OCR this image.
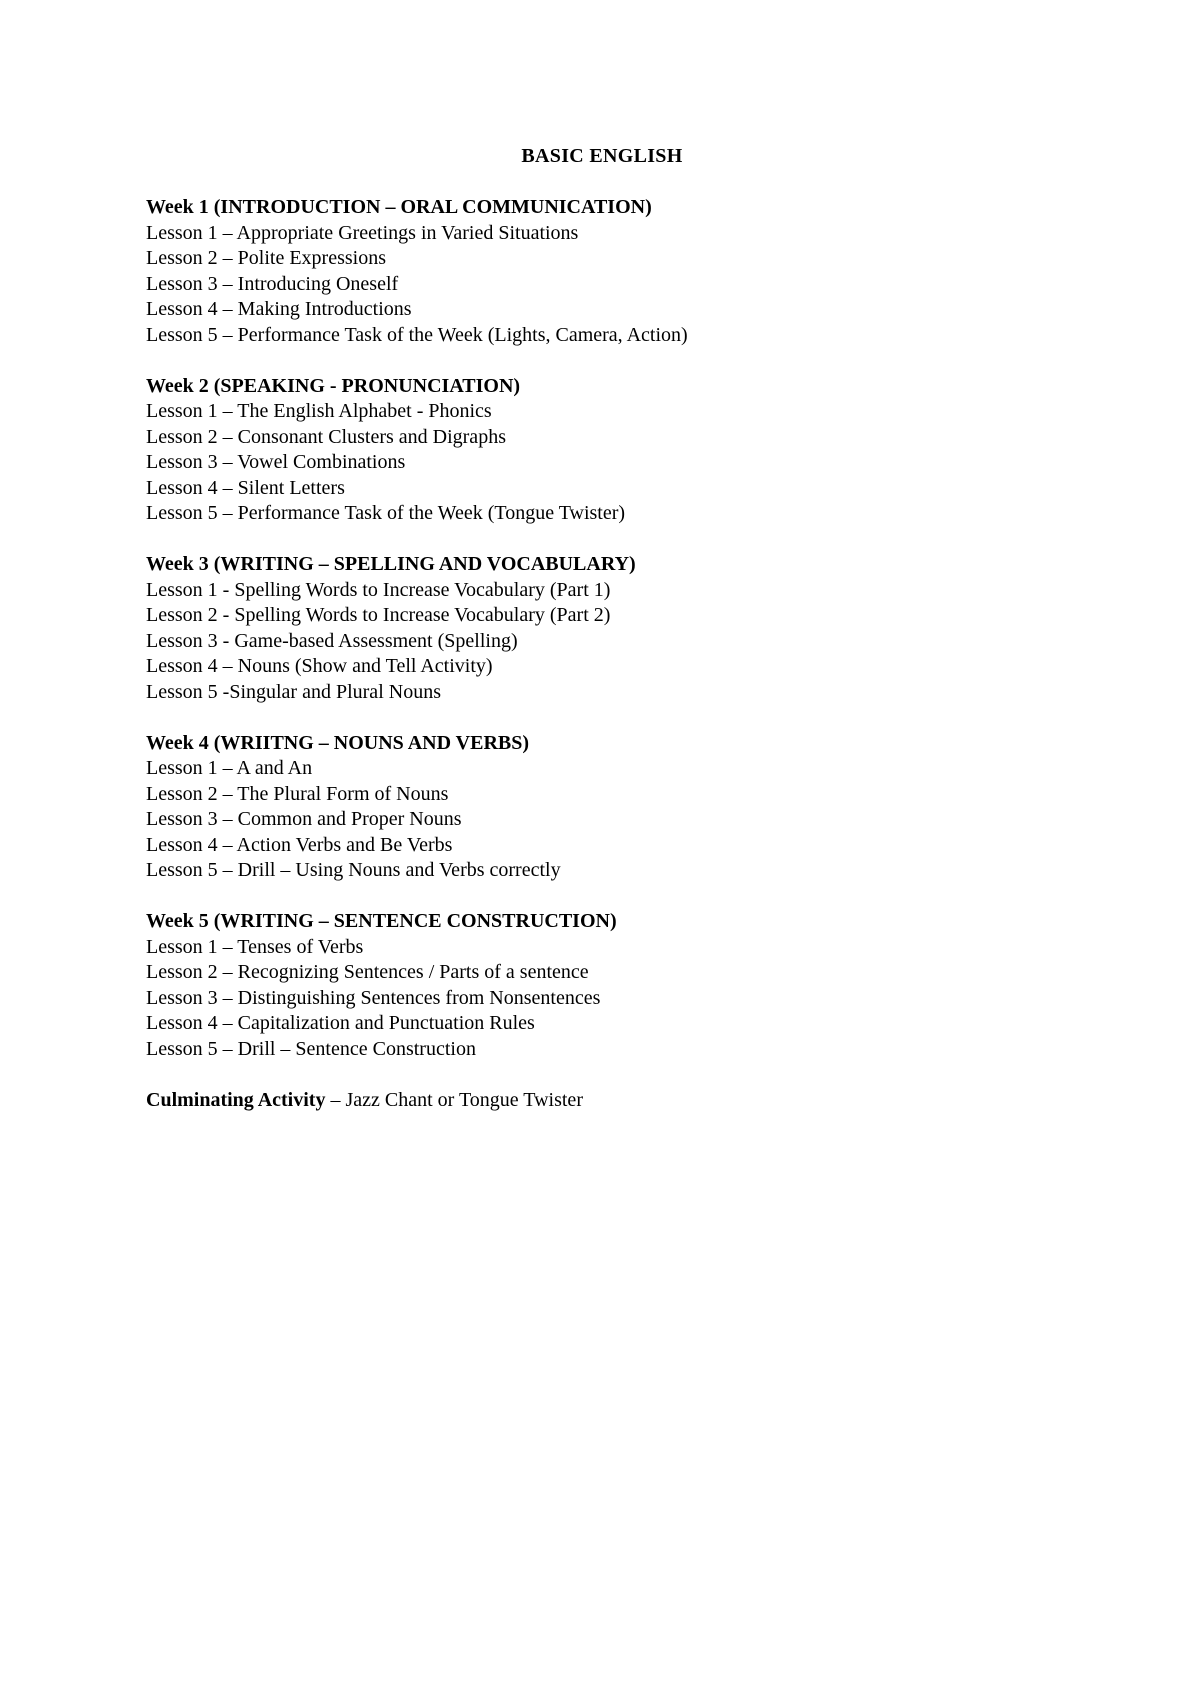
BASIC ENGLISH
Week 1 (INTRODUCTION – ORAL COMMUNICATION)
Lesson 1 – Appropriate Greetings in Varied Situations
Lesson 2 – Polite Expressions
Lesson 3 – Introducing Oneself
Lesson 4 – Making Introductions
Lesson 5 – Performance Task of the Week (Lights, Camera, Action)
Week 2 (SPEAKING - PRONUNCIATION)
Lesson 1 – The English Alphabet - Phonics
Lesson 2 – Consonant Clusters and Digraphs
Lesson 3 – Vowel Combinations
Lesson 4 – Silent Letters
Lesson 5 – Performance Task of the Week (Tongue Twister)
Week 3 (WRITING – SPELLING AND VOCABULARY)
Lesson 1 - Spelling Words to Increase Vocabulary (Part 1)
Lesson 2 - Spelling Words to Increase Vocabulary (Part 2)
Lesson 3 - Game-based Assessment (Spelling)
Lesson 4 – Nouns (Show and Tell Activity)
Lesson 5 -Singular and Plural Nouns
Week 4 (WRIITNG – NOUNS AND VERBS)
Lesson 1 – A and An
Lesson 2 – The Plural Form of Nouns
Lesson 3 – Common and Proper Nouns
Lesson 4 – Action Verbs and Be Verbs
Lesson 5 – Drill – Using Nouns and Verbs correctly
Week 5 (WRITING – SENTENCE CONSTRUCTION)
Lesson 1 – Tenses of Verbs
Lesson 2 – Recognizing Sentences / Parts of a sentence
Lesson 3 – Distinguishing Sentences from Nonsentences
Lesson 4 – Capitalization and Punctuation Rules
Lesson 5 – Drill – Sentence Construction
Culminating Activity – Jazz Chant or Tongue Twister
